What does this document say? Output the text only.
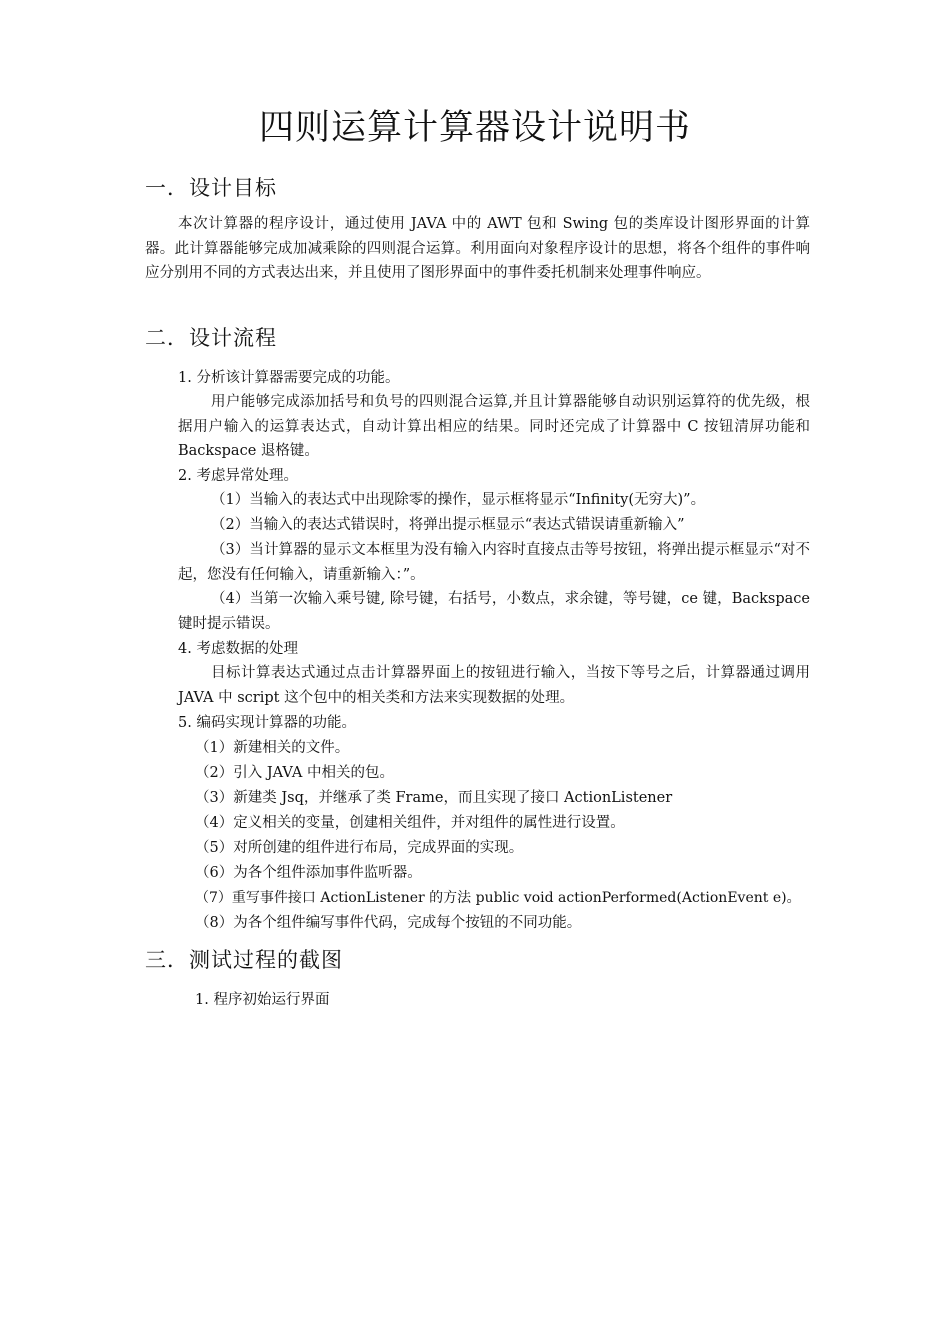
四则运算计算器设计说明书
一．设计目标

本次计算器的程序设计，通过使用 JAVA 中的 AWT 包和 Swing 包的类库设计图形界面的计算器。此计算器能够完成加减乘除的四则混合运算。利用面向对象程序设计的思想，将各个组件的事件响应分别用不同的方式表达出来，并且使用了图形界面中的事件委托机制来处理事件响应。

二．设计流程

1. 分析该计算器需要完成的功能。

用户能够完成添加括号和负号的四则混合运算,并且计算器能够自动识别运算符的优先级，根据用户输入的运算表达式，自动计算出相应的结果。同时还完成了计算器中 C 按钮清屏功能和 Backspace 退格键。

2. 考虑异常处理。

（1）当输入的表达式中出现除零的操作，显示框将显示“Infinity(无穷大)”。

（2）当输入的表达式错误时，将弹出提示框显示“表达式错误请重新输入”

（3）当计算器的显示文本框里为没有输入内容时直接点击等号按钮，将弹出提示框显示“对不起，您没有任何输入，请重新输入：”。

（4）当第一次输入乘号键, 除号键，右括号，小数点，求余键，等号键，ce 键，Backspace 键时提示错误。

4. 考虑数据的处理

目标计算表达式通过点击计算器界面上的按钮进行输入，当按下等号之后，计算器通过调用 JAVA 中 script 这个包中的相关类和方法来实现数据的处理。

5. 编码实现计算器的功能。

（1）新建相关的文件。

（2）引入 JAVA 中相关的包。

（3）新建类 Jsq，并继承了类 Frame，而且实现了接口 ActionListener

（4）定义相关的变量，创建相关组件，并对组件的属性进行设置。

（5）对所创建的组件进行布局，完成界面的实现。

（6）为各个组件添加事件监听器。

（7）重写事件接口 ActionListener 的方法 public void actionPerformed(ActionEvent e)。

（8）为各个组件编写事件代码，完成每个按钮的不同功能。

三．测试过程的截图

1. 程序初始运行界面
